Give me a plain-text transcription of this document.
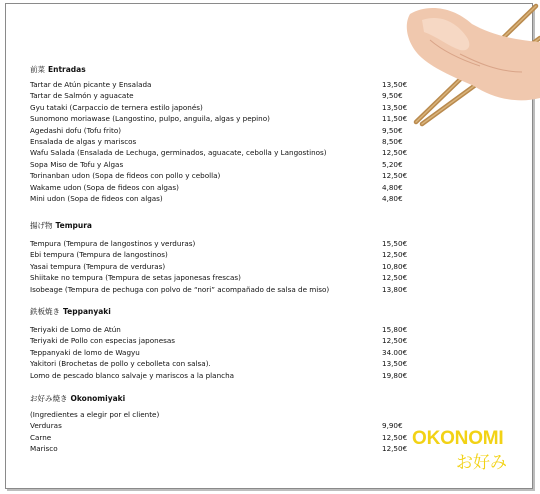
前菜 Entradas
Tartar de Atún picante y Ensalada	13,50€
Tartar de Salmón y aguacate	9,50€
Gyu tataki (Carpaccio de ternera estilo japonés)	13,50€
Sunomono moriawase (Langostino, pulpo, anguila, algas y pepino)	11,50€
Agedashi dofu (Tofu frito)	9,50€
Ensalada de algas y mariscos	8,50€
Wafu Salada (Ensalada de Lechuga, germinados, aguacate, cebolla y Langostinos)	12,50€
Sopa Miso de Tofu y Algas	5,20€
Torinanban udon (Sopa de fideos con pollo y cebolla)	12,50€
Wakame udon (Sopa de fideos con algas)	4,80€
Mini udon (Sopa de fideos con algas)	4,80€
揚げ物 Tempura
Tempura (Tempura de langostinos y verduras)	15,50€
Ebi tempura (Tempura de langostinos)	12,50€
Yasai tempura (Tempura de verduras)	10,80€
Shiitake no tempura (Tempura de setas japonesas frescas)	12,50€
Isobeage (Tempura de pechuga con polvo de “nori” acompañado de salsa de miso)	13,80€
鉄板焼き Teppanyaki
Teriyaki de Lomo de Atún	15,80€
Teriyaki de Pollo con especias japonesas	12,50€
Teppanyaki de lomo de Wagyu	34.00€
Yakitori (Brochetas de pollo y cebolleta con salsa).	13,50€
Lomo de pescado blanco salvaje y mariscos a la plancha	19,80€
お好み焼き Okonomiyaki
(Ingredientes a elegir por el cliente)
Verduras	9,90€
Carne	12,50€
Marisco	12,50€ OKONOMI
お好み
